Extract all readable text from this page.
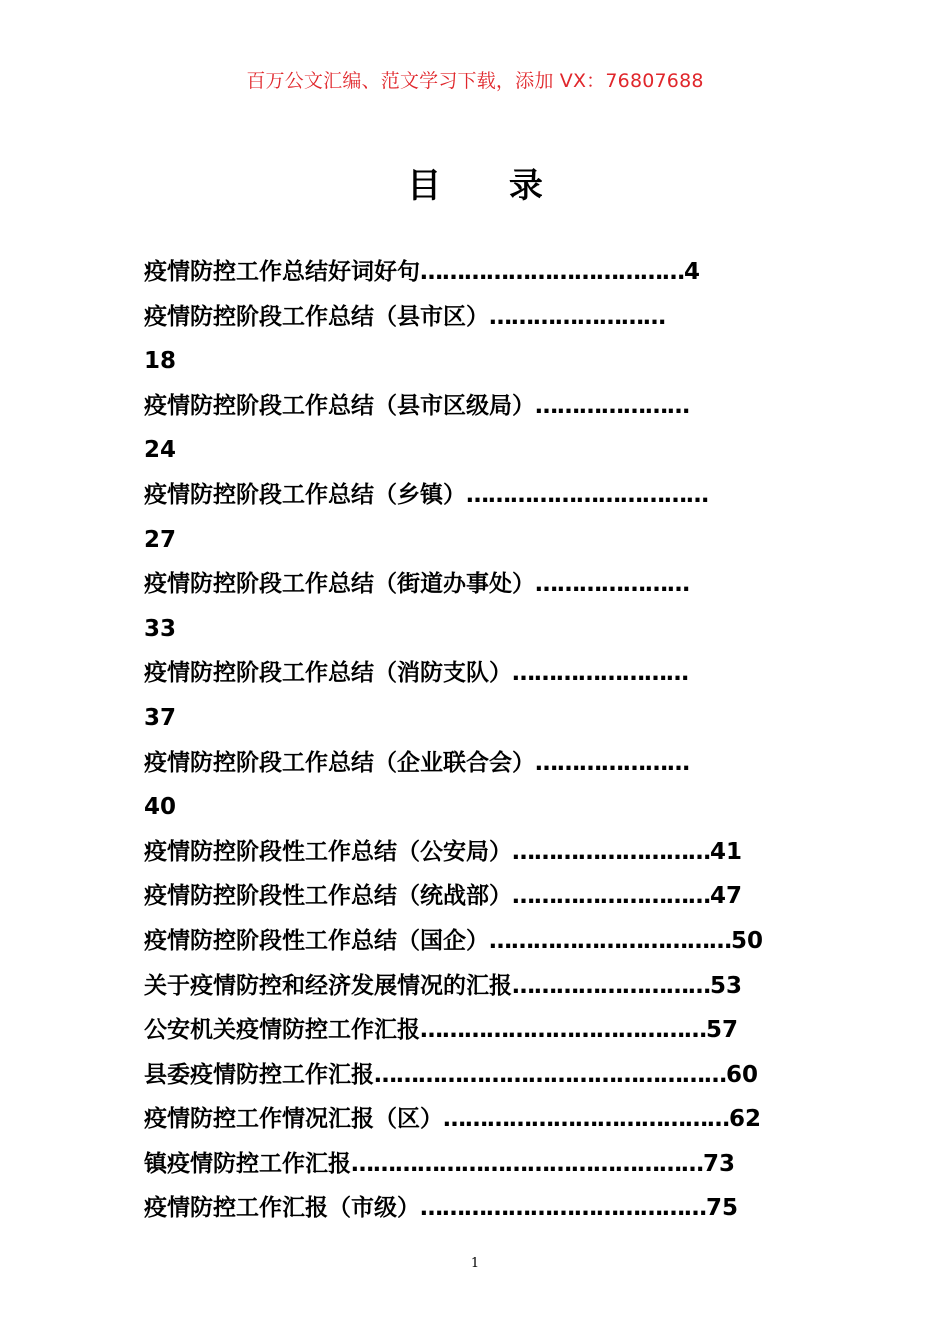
百万公文汇编、范文学习下载，添加 VX：76807688
目 录
疫情防控工作总结好词好句………………………………4
疫情防控阶段工作总结（县市区）……………………
18
疫情防控阶段工作总结（县市区级局）…………………
24
疫情防控阶段工作总结（乡镇）……………………………
27
疫情防控阶段工作总结（街道办事处）…………………
33
疫情防控阶段工作总结（消防支队）……………………
37
疫情防控阶段工作总结（企业联合会）…………………
40
疫情防控阶段性工作总结（公安局）………………………41
疫情防控阶段性工作总结（统战部）………………………47
疫情防控阶段性工作总结（国企）……………………………50
关于疫情防控和经济发展情况的汇报………………………53
公安机关疫情防控工作汇报…………………………………57
县委疫情防控工作汇报…………………………………………60
疫情防控工作情况汇报（区）…………………………………62
镇疫情防控工作汇报…………………………………………73
疫情防控工作汇报（市级）…………………………………75
1
